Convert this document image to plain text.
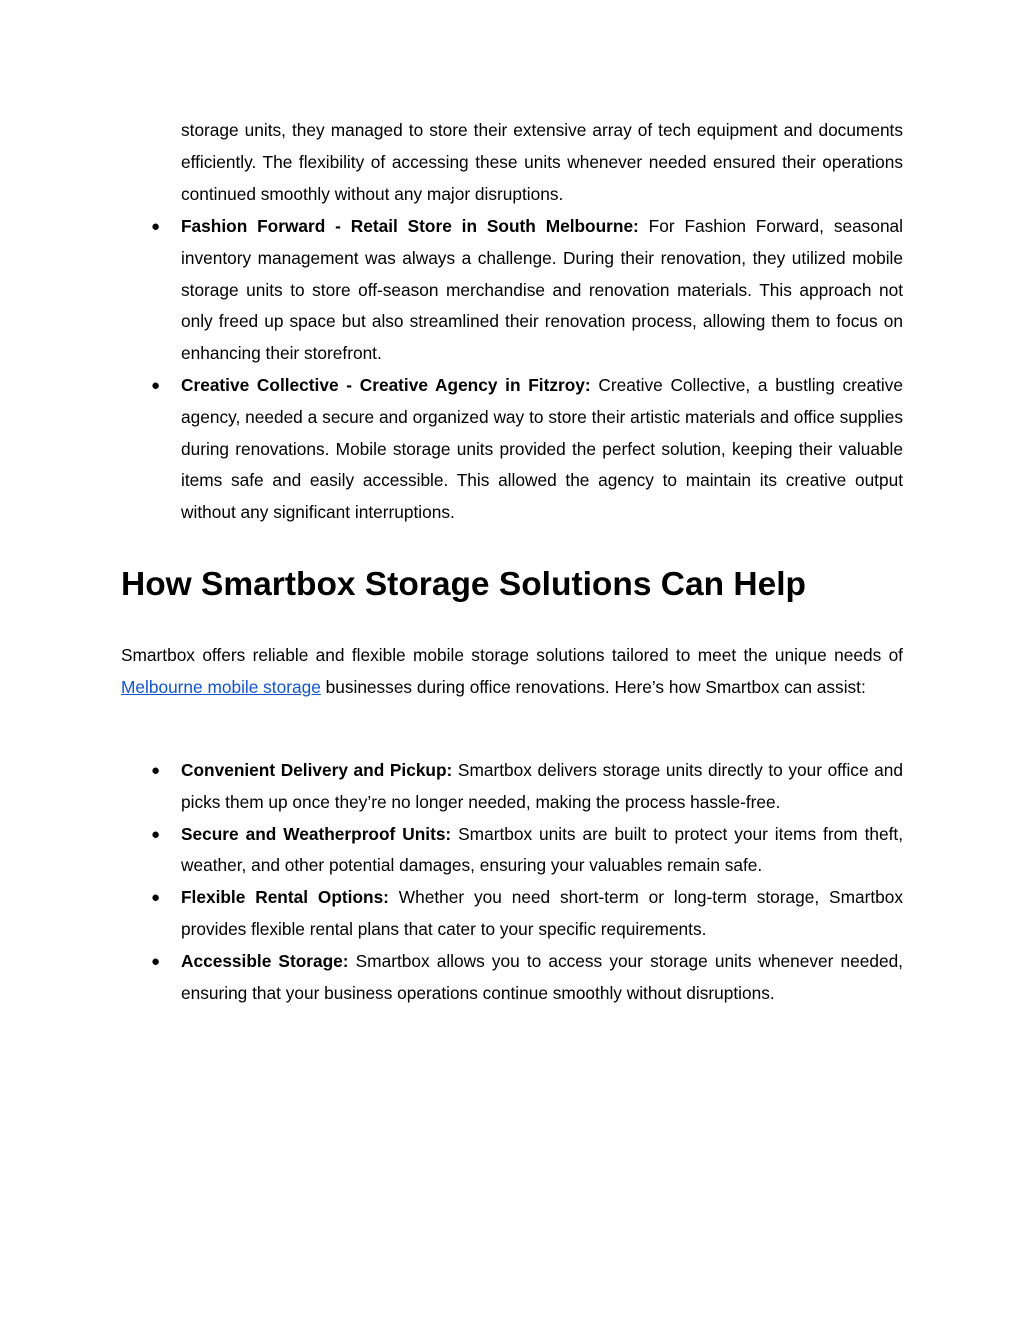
storage units, they managed to store their extensive array of tech equipment and documents efficiently. The flexibility of accessing these units whenever needed ensured their operations continued smoothly without any major disruptions.

● Fashion Forward - Retail Store in South Melbourne: For Fashion Forward, seasonal inventory management was always a challenge. During their renovation, they utilized mobile storage units to store off-season merchandise and renovation materials. This approach not only freed up space but also streamlined their renovation process, allowing them to focus on enhancing their storefront.
● Creative Collective - Creative Agency in Fitzroy: Creative Collective, a bustling creative agency, needed a secure and organized way to store their artistic materials and office supplies during renovations. Mobile storage units provided the perfect solution, keeping their valuable items safe and easily accessible. This allowed the agency to maintain its creative output without any significant interruptions.
How Smartbox Storage Solutions Can Help

Smartbox offers reliable and flexible mobile storage solutions tailored to meet the unique needs of Melbourne mobile storage businesses during office renovations. Here’s how Smartbox can assist:

● Convenient Delivery and Pickup: Smartbox delivers storage units directly to your office and picks them up once they’re no longer needed, making the process hassle-free.
● Secure and Weatherproof Units: Smartbox units are built to protect your items from theft, weather, and other potential damages, ensuring your valuables remain safe.
● Flexible Rental Options: Whether you need short-term or long-term storage, Smartbox provides flexible rental plans that cater to your specific requirements.
● Accessible Storage: Smartbox allows you to access your storage units whenever needed, ensuring that your business operations continue smoothly without disruptions.
